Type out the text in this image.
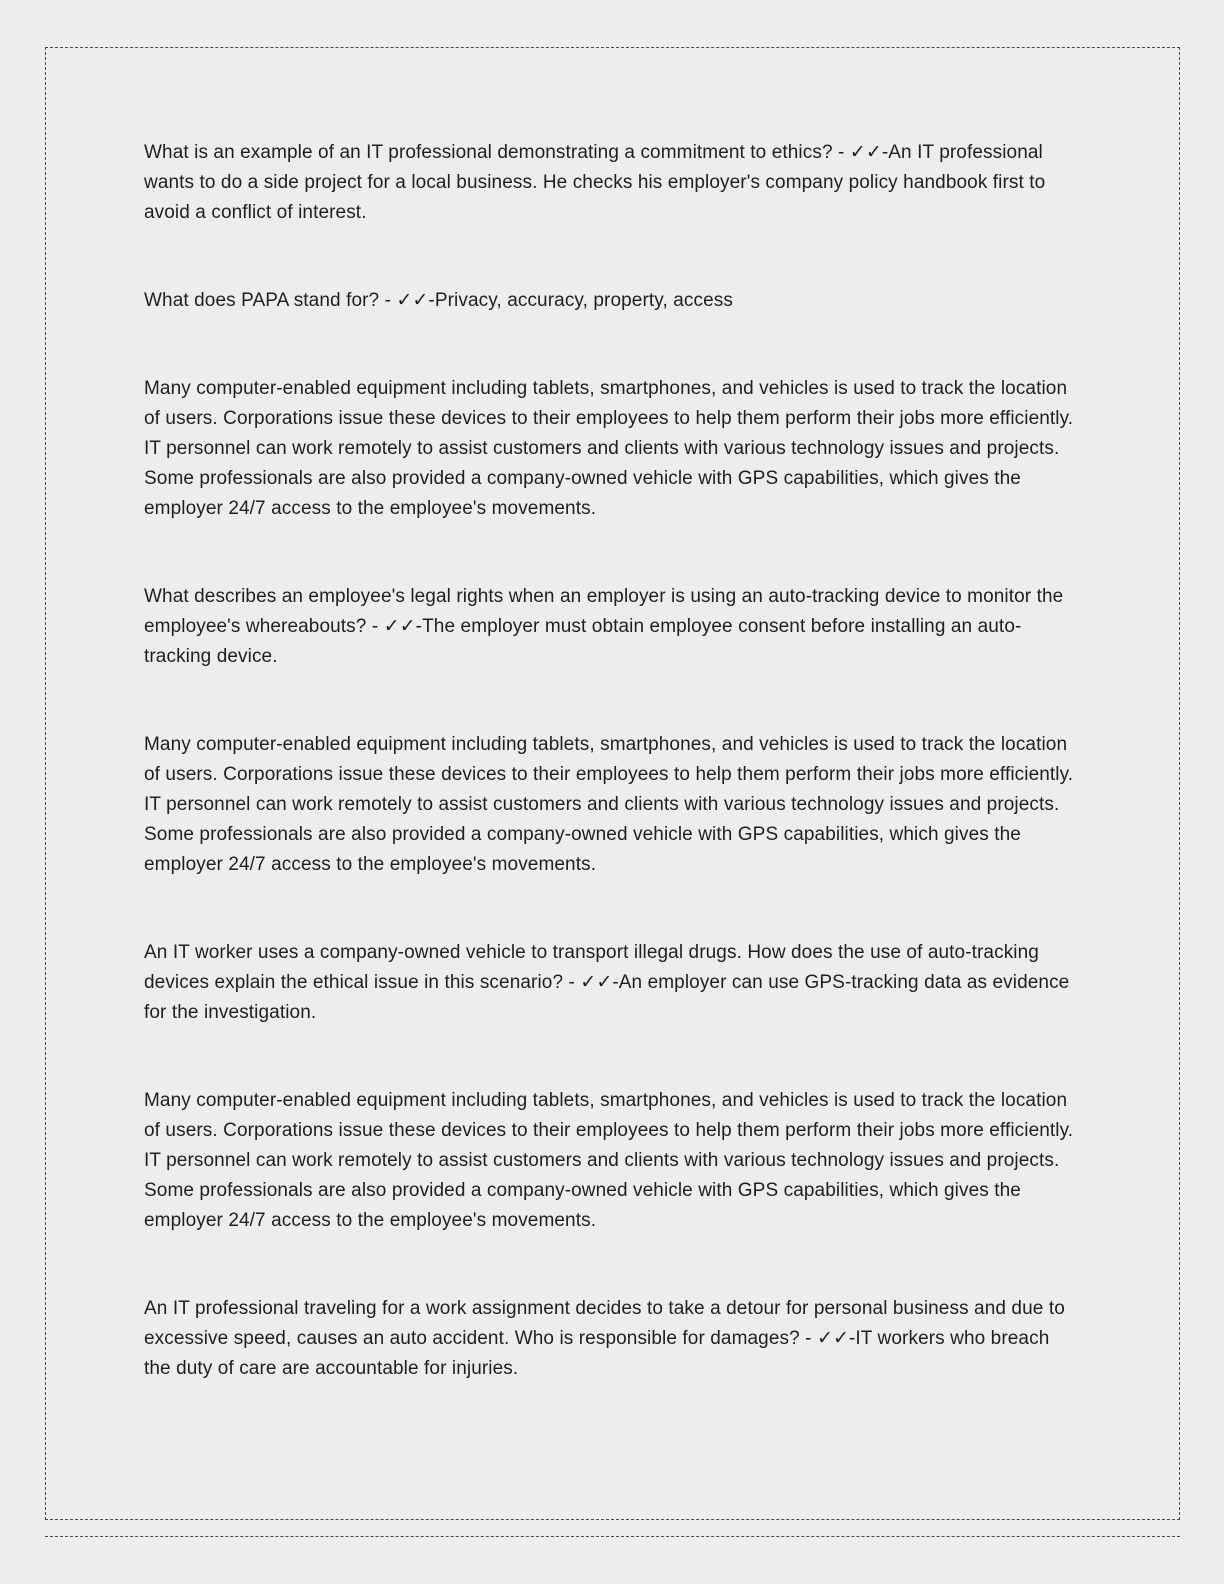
What is an example of an IT professional demonstrating a commitment to ethics? - ✓✓-An IT professional wants to do a side project for a local business. He checks his employer's company policy handbook first to avoid a conflict of interest.

What does PAPA stand for? - ✓✓-Privacy, accuracy, property, access

Many computer-enabled equipment including tablets, smartphones, and vehicles is used to track the location of users. Corporations issue these devices to their employees to help them perform their jobs more efficiently. IT personnel can work remotely to assist customers and clients with various technology issues and projects. Some professionals are also provided a company-owned vehicle with GPS capabilities, which gives the employer 24/7 access to the employee's movements.

What describes an employee's legal rights when an employer is using an auto-tracking device to monitor the employee's whereabouts? - ✓✓-The employer must obtain employee consent before installing an auto-tracking device.

Many computer-enabled equipment including tablets, smartphones, and vehicles is used to track the location of users. Corporations issue these devices to their employees to help them perform their jobs more efficiently. IT personnel can work remotely to assist customers and clients with various technology issues and projects. Some professionals are also provided a company-owned vehicle with GPS capabilities, which gives the employer 24/7 access to the employee's movements.

An IT worker uses a company-owned vehicle to transport illegal drugs. How does the use of auto-tracking devices explain the ethical issue in this scenario? - ✓✓-An employer can use GPS-tracking data as evidence for the investigation.

Many computer-enabled equipment including tablets, smartphones, and vehicles is used to track the location of users. Corporations issue these devices to their employees to help them perform their jobs more efficiently. IT personnel can work remotely to assist customers and clients with various technology issues and projects. Some professionals are also provided a company-owned vehicle with GPS capabilities, which gives the employer 24/7 access to the employee's movements.

An IT professional traveling for a work assignment decides to take a detour for personal business and due to excessive speed, causes an auto accident. Who is responsible for damages? - ✓✓-IT workers who breach the duty of care are accountable for injuries.
